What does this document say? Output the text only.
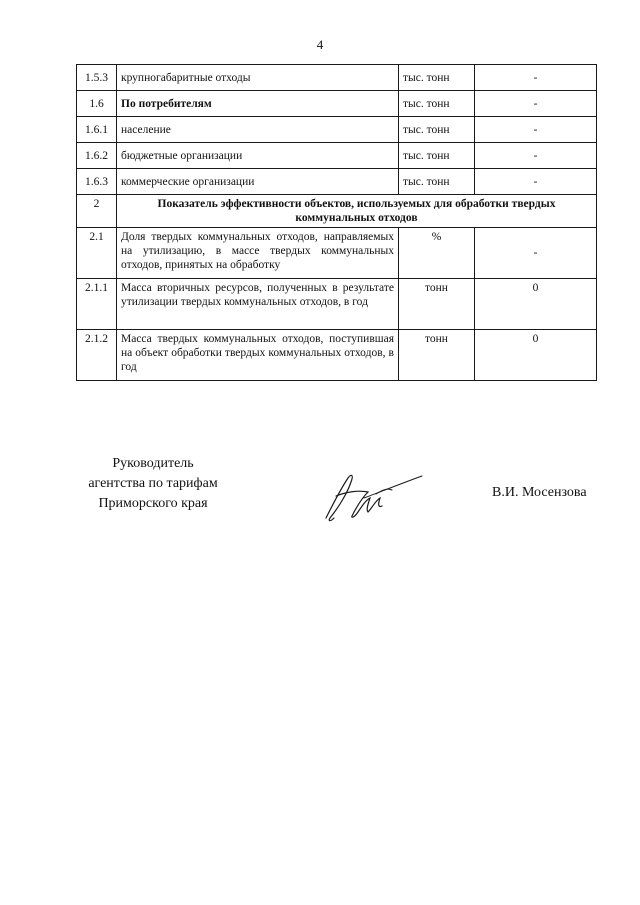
4
1.5.3	крупногабаритные отходы	тыс. тонн	-
1.6	По потребителям	тыс. тонн	-
1.6.1	население	тыс. тонн	-
1.6.2	бюджетные организации	тыс. тонн	-
1.6.3	коммерческие организации	тыс. тонн	-
2	Показатель эффективности объектов, используемых для обработки твердых коммунальных отходов		
2.1	Доля твердых коммунальных отходов, направляемых на утилизацию, в массе твердых коммунальных отходов, принятых на обработку	%	-
2.1.1	Масса вторичных ресурсов, полученных в результате утилизации твердых коммунальных отходов, в год	тонн	0
2.1.2	Масса твердых коммунальных отходов, поступившая на объект обработки твердых коммунальных отходов, в год	тонн	0
Руководитель
агентства по тарифам
Приморского края
В.И. Мосензова
